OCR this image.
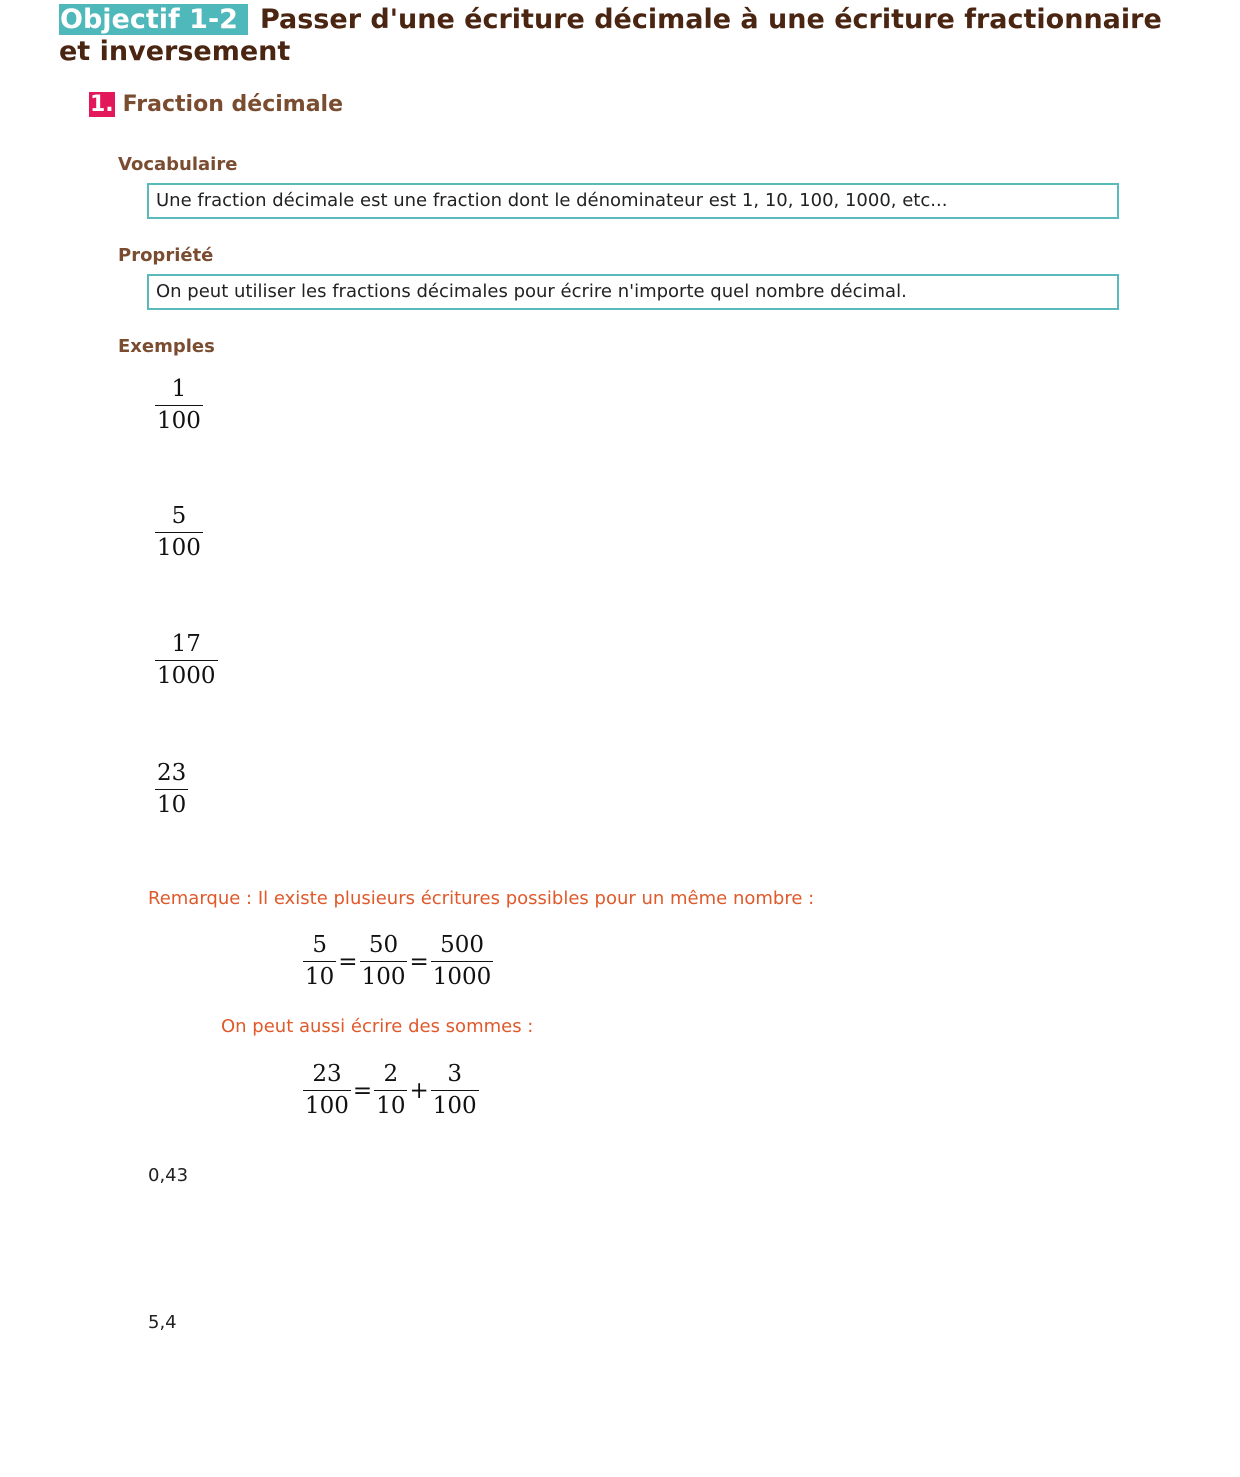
Objectif 1-2 Passer d'une écriture décimale à une écriture fractionnaire et inversement
1. Fraction décimale
Vocabulaire
Une fraction décimale est une fraction dont le dénominateur est 1, 10, 100, 1000, etc...
Propriété
On peut utiliser les fractions décimales pour écrire n'importe quel nombre décimal.
Exemples
$\frac{1}{100}$
$\frac{5}{100}$
$\frac{17}{1000}$
$\frac{23}{10}$
Remarque : Il existe plusieurs écritures possibles pour un même nombre :
$\frac{5}{10} = \frac{50}{100} = \frac{500}{1000}$
On peut aussi écrire des sommes :
$\frac{23}{100} = \frac{2}{10} + \frac{3}{100}$
0,43
5,4
